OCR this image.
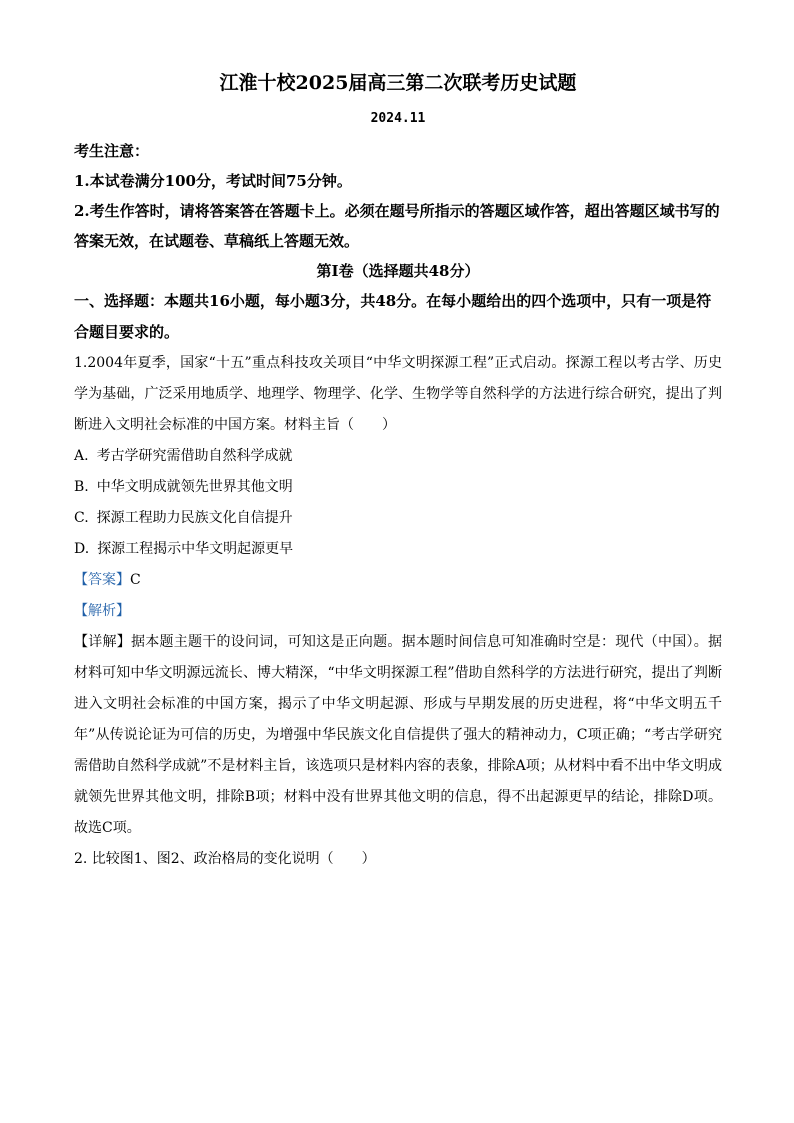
江淮十校2025届高三第二次联考历史试题
2024.11
考生注意：
1.本试卷满分100分，考试时间75分钟。
2.考生作答时，请将答案答在答题卡上。必须在题号所指示的答题区域作答，超出答题区域书写的答案无效，在试题卷、草稿纸上答题无效。
第Ⅰ卷（选择题共48分）
一、选择题：本题共16小题，每小题3分，共48分。在每小题给出的四个选项中，只有一项是符合题目要求的。
1.2004年夏季，国家“十五”重点科技攻关项目“中华文明探源工程”正式启动。探源工程以考古学、历史学为基础，广泛采用地质学、地理学、物理学、化学、生物学等自然科学的方法进行综合研究，提出了判断进入文明社会标准的中国方案。材料主旨（　　）
A. 考古学研究需借助自然科学成就
B. 中华文明成就领先世界其他文明
C. 探源工程助力民族文化自信提升
D. 探源工程揭示中华文明起源更早
【答案】C
【解析】
【详解】据本题主题干的设问词，可知这是正向题。据本题时间信息可知准确时空是：现代（中国）。据材料可知中华文明源远流长、博大精深，“中华文明探源工程”借助自然科学的方法进行研究，提出了判断进入文明社会标准的中国方案，揭示了中华文明起源、形成与早期发展的历史进程，将“中华文明五千年”从传说论证为可信的历史，为增强中华民族文化自信提供了强大的精神动力，C项正确；“考古学研究需借助自然科学成就”不是材料主旨，该选项只是材料内容的表象，排除A项；从材料中看不出中华文明成就领先世界其他文明，排除B项；材料中没有世界其他文明的信息，得不出起源更早的结论，排除D项。故选C项。
2. 比较图1、图2、政治格局的变化说明（　　）
